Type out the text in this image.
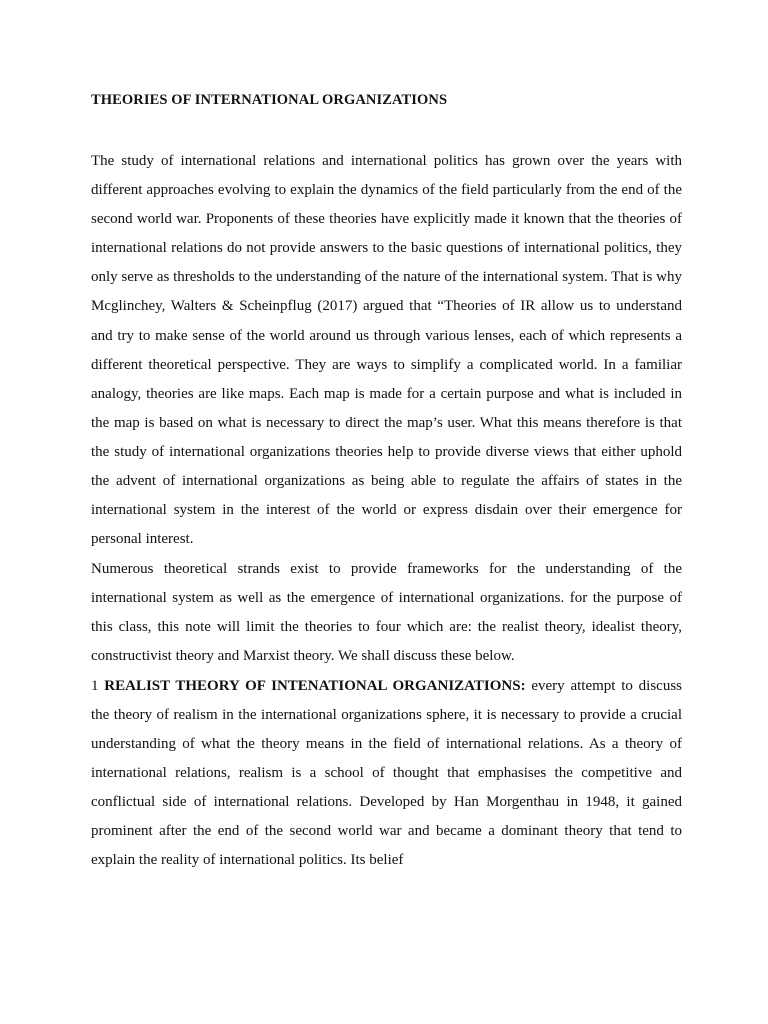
THEORIES OF INTERNATIONAL ORGANIZATIONS

The study of international relations and international politics has grown over the years with different approaches evolving to explain the dynamics of the field particularly from the end of the second world war. Proponents of these theories have explicitly made it known that the theories of international relations do not provide answers to the basic questions of international politics, they only serve as thresholds to the understanding of the nature of the international system. That is why Mcglinchey, Walters & Scheinpflug (2017) argued that “Theories of IR allow us to understand and try to make sense of the world around us through various lenses, each of which represents a different theoretical perspective. They are ways to simplify a complicated world. In a familiar analogy, theories are like maps. Each map is made for a certain purpose and what is included in the map is based on what is necessary to direct the map’s user. What this means therefore is that the study of international organizations theories help to provide diverse views that either uphold the advent of international organizations as being able to regulate the affairs of states in the international system in the interest of the world or express disdain over their emergence for personal interest.

Numerous theoretical strands exist to provide frameworks for the understanding of the international system as well as the emergence of international organizations. for the purpose of this class, this note will limit the theories to four which are: the realist theory, idealist theory, constructivist theory and Marxist theory. We shall discuss these below.

1 REALIST THEORY OF INTENATIONAL ORGANIZATIONS: every attempt to discuss the theory of realism in the international organizations sphere, it is necessary to provide a crucial understanding of what the theory means in the field of international relations. As a theory of international relations, realism is a school of thought that emphasises the competitive and conflictual side of international relations. Developed by Han Morgenthau in 1948, it gained prominent after the end of the second world war and became a dominant theory that tend to explain the reality of international politics. Its belief
